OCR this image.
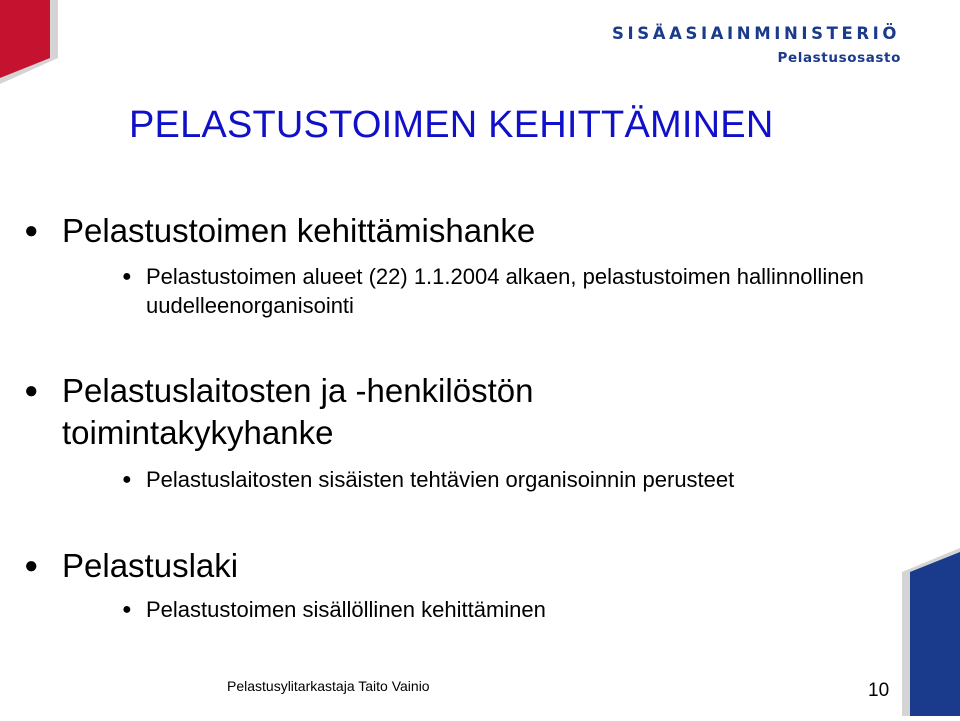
SISÄASIAINMINISTERIÖ
Pelastusosasto
PELASTUSTOIMEN KEHITTÄMINEN
● Pelastustoimen kehittämishanke
● Pelastustoimen alueet (22) 1.1.2004 alkaen, pelastustoimen hallinnollinen uudelleenorganisointi
● Pelastuslaitosten ja -henkilöstön toimintakykyhanke
● Pelastuslaitosten sisäisten tehtävien organisoinnin perusteet
● Pelastuslaki
● Pelastustoimen sisällöllinen kehittäminen
Pelastusylitarkastaja Taito Vainio	10
